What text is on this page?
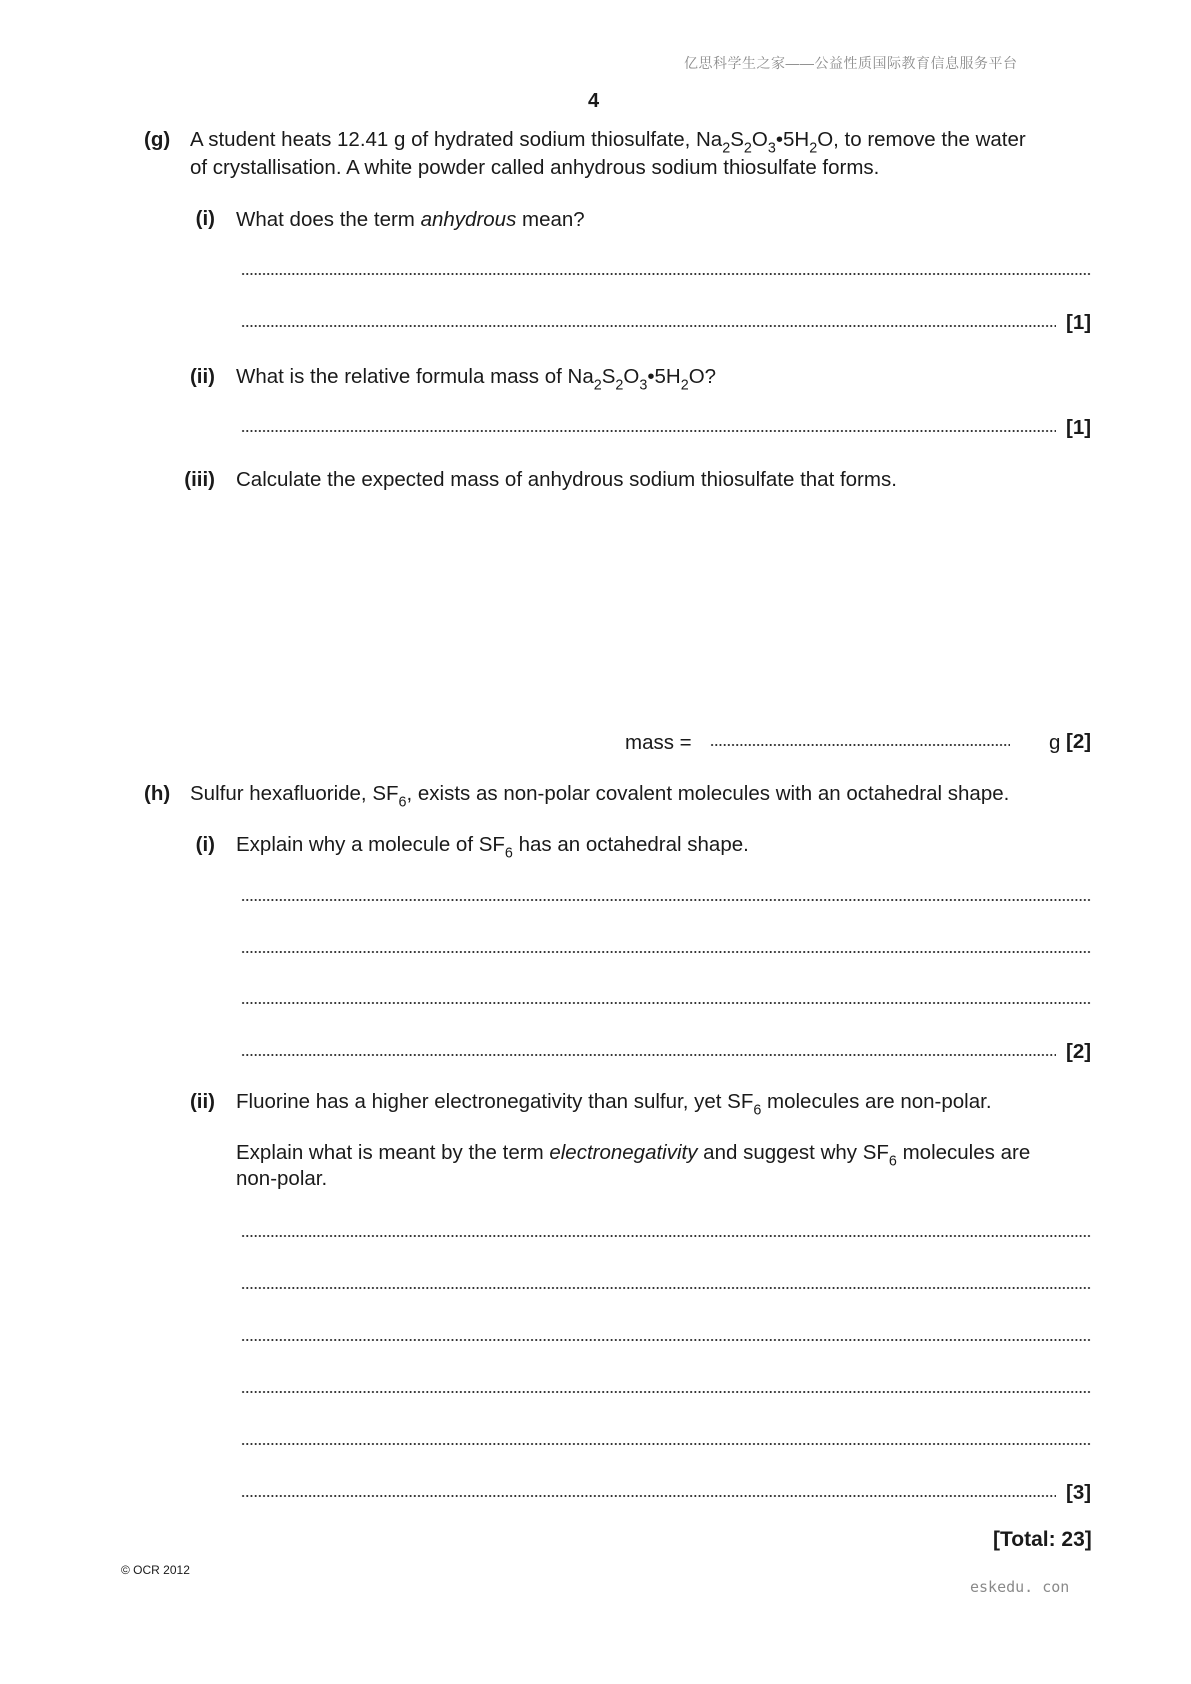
亿思科学生之家——公益性质国际教育信息服务平台
4
(g) A student heats 12.41 g of hydrated sodium thiosulfate, $Na_2S_2O_3•5H_2O$, to remove the water
of crystallisation. A white powder called anhydrous sodium thiosulfate forms.
(i) What does the term anhydrous mean?
[1]
(ii) What is the relative formula mass of $Na_2S_2O_3•5H_2O$?
[1]
(iii) Calculate the expected mass of anhydrous sodium thiosulfate that forms.
mass =	g [2]
(h) Sulfur hexafluoride, $SF_6$, exists as non-polar covalent molecules with an octahedral shape.
(i) Explain why a molecule of $SF_6$ has an octahedral shape.
[2]
(ii) Fluorine has a higher electronegativity than sulfur, yet $SF_6$ molecules are non-polar.
Explain what is meant by the term electronegativity and suggest why $SF_6$ molecules are
non-polar.
[3]
[Total: 23]
© OCR 2012
eskedu. con
